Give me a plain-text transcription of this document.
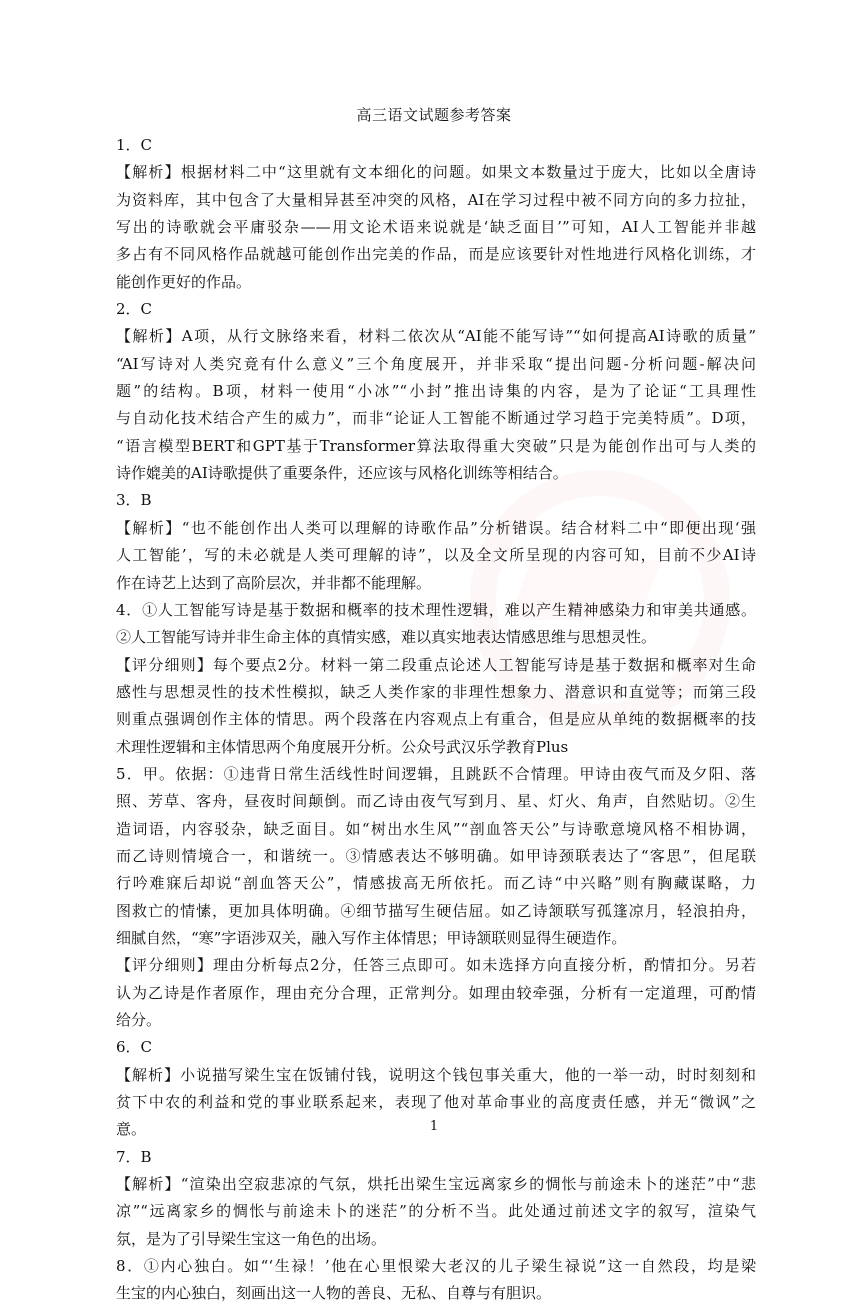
高三语文试题参考答案
1．C
【解析】根据材料二中“这里就有文本细化的问题。如果文本数量过于庞大，比如以全唐诗
为资料库，其中包含了大量相异甚至冲突的风格，AI在学习过程中被不同方向的多力拉扯，
写出的诗歌就会平庸驳杂——用文论术语来说就是‘缺乏面目’”可知，AI人工智能并非越
多占有不同风格作品就越可能创作出完美的作品，而是应该要针对性地进行风格化训练，才
能创作更好的作品。
2．C
【解析】A项，从行文脉络来看，材料二依次从“AI能不能写诗”“如何提高AI诗歌的质量”
“AI写诗对人类究竟有什么意义”三个角度展开，并非采取“提出问题-分析问题-解决问
题”的结构。B项，材料一使用“小冰”“小封”推出诗集的内容，是为了论证“工具理性
与自动化技术结合产生的威力”，而非“论证人工智能不断通过学习趋于完美特质”。D项，
“语言模型BERT和GPT基于Transformer算法取得重大突破”只是为能创作出可与人类的
诗作媲美的AI诗歌提供了重要条件，还应该与风格化训练等相结合。
3．B
【解析】“也不能创作出人类可以理解的诗歌作品”分析错误。结合材料二中“即便出现‘强
人工智能’，写的未必就是人类可理解的诗”，以及全文所呈现的内容可知，目前不少AI诗
作在诗艺上达到了高阶层次，并非都不能理解。
4．①人工智能写诗是基于数据和概率的技术理性逻辑，难以产生精神感染力和审美共通感。
②人工智能写诗并非生命主体的真情实感，难以真实地表达情感思维与思想灵性。
【评分细则】每个要点2分。材料一第二段重点论述人工智能写诗是基于数据和概率对生命
感性与思想灵性的技术性模拟，缺乏人类作家的非理性想象力、潜意识和直觉等；而第三段
则重点强调创作主体的情思。两个段落在内容观点上有重合，但是应从单纯的数据概率的技
术理性逻辑和主体情思两个角度展开分析。公众号武汉乐学教育Plus
5．甲。依据：①违背日常生活线性时间逻辑，且跳跃不合情理。甲诗由夜气而及夕阳、落
照、芳草、客舟，昼夜时间颠倒。而乙诗由夜气写到月、星、灯火、角声，自然贴切。②生
造词语，内容驳杂，缺乏面目。如“树出水生风”“剖血答天公”与诗歌意境风格不相协调，
而乙诗则情境合一，和谐统一。③情感表达不够明确。如甲诗颈联表达了“客思”，但尾联
行吟难寐后却说“剖血答天公”，情感拔高无所依托。而乙诗“中兴略”则有胸藏谋略，力
图救亡的情愫，更加具体明确。④细节描写生硬佶屈。如乙诗颔联写孤篷凉月，轻浪拍舟，
细腻自然，“寒”字语涉双关，融入写作主体情思；甲诗颔联则显得生硬造作。
【评分细则】理由分析每点2分，任答三点即可。如未选择方向直接分析，酌情扣分。另若
认为乙诗是作者原作，理由充分合理，正常判分。如理由较牵强，分析有一定道理，可酌情
给分。
6．C
【解析】小说描写梁生宝在饭铺付钱，说明这个钱包事关重大，他的一举一动，时时刻刻和
贫下中农的利益和党的事业联系起来，表现了他对革命事业的高度责任感，并无“微讽”之
意。
7．B
【解析】“渲染出空寂悲凉的气氛，烘托出梁生宝远离家乡的惆怅与前途未卜的迷茫”中“悲
凉”“远离家乡的惆怅与前途未卜的迷茫”的分析不当。此处通过前述文字的叙写，渲染气
氛，是为了引导梁生宝这一角色的出场。
8．①内心独白。如“‘生禄！’他在心里恨梁大老汉的儿子梁生禄说”这一自然段，均是梁
生宝的内心独白，刻画出这一人物的善良、无私、自尊与有胆识。
1
